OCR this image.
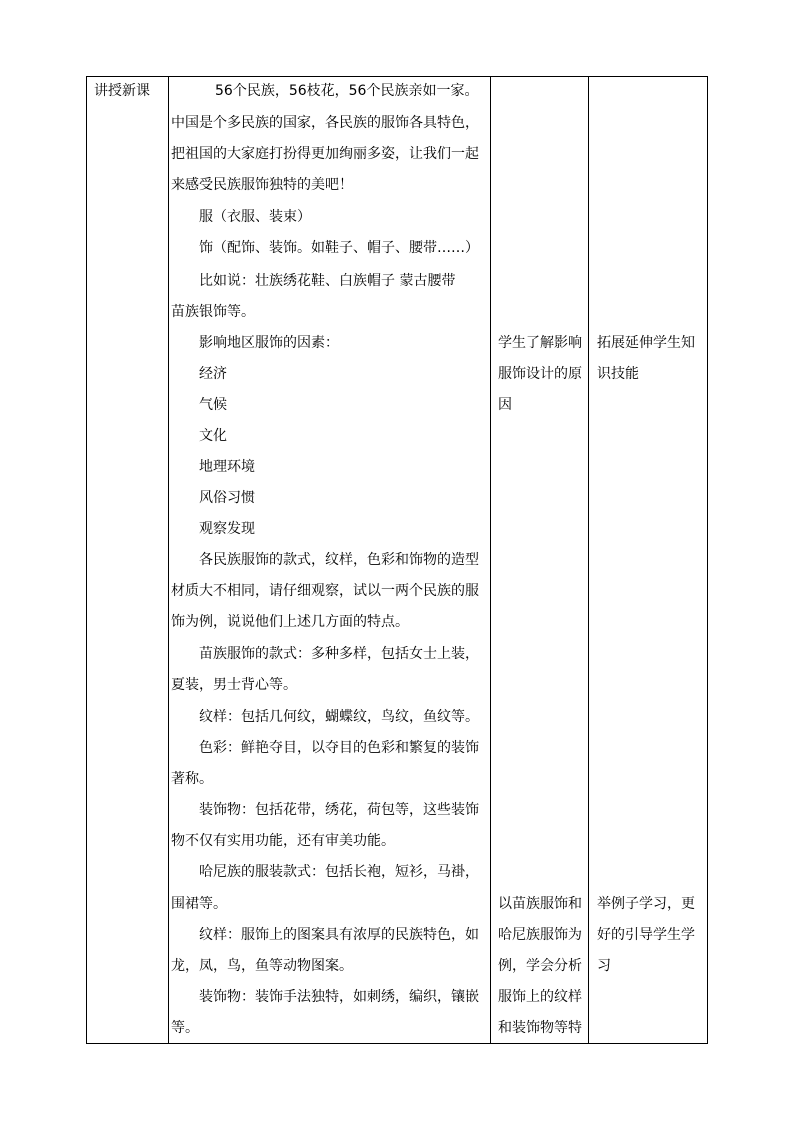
讲授新课	56个民族，56枝花，56个民族亲如一家。
中国是个多民族的国家，各民族的服饰各具特色，
把祖国的大家庭打扮得更加绚丽多姿，让我们一起
来感受民族服饰独特的美吧！
服（衣服、装束）
饰（配饰、装饰。如鞋子、帽子、腰带……）
比如说：壮族绣花鞋、白族帽子 蒙古腰带
苗族银饰等。
影响地区服饰的因素：
经济
气候
文化
地理环境
风俗习惯
观察发现
各民族服饰的款式，纹样，色彩和饰物的造型
材质大不相同，请仔细观察，试以一两个民族的服
饰为例，说说他们上述几方面的特点。
苗族服饰的款式：多种多样，包括女士上装，
夏装，男士背心等。
纹样：包括几何纹，蝴蝶纹，鸟纹，鱼纹等。
色彩：鲜艳夺目，以夺目的色彩和繁复的装饰
著称。
装饰物：包括花带，绣花，荷包等，这些装饰
物不仅有实用功能，还有审美功能。
哈尼族的服装款式：包括长袍，短衫，马褂，
围裙等。
纹样：服饰上的图案具有浓厚的民族特色，如
龙，凤，鸟，鱼等动物图案。
装饰物：装饰手法独特，如刺绣，编织，镶嵌
等。
学生了解影响
服饰设计的原
因
以苗族服饰和
哈尼族服饰为
例，学会分析
服饰上的纹样
和装饰物等特
拓展延伸学生知
识技能
举例子学习，更
好的引导学生学
习
